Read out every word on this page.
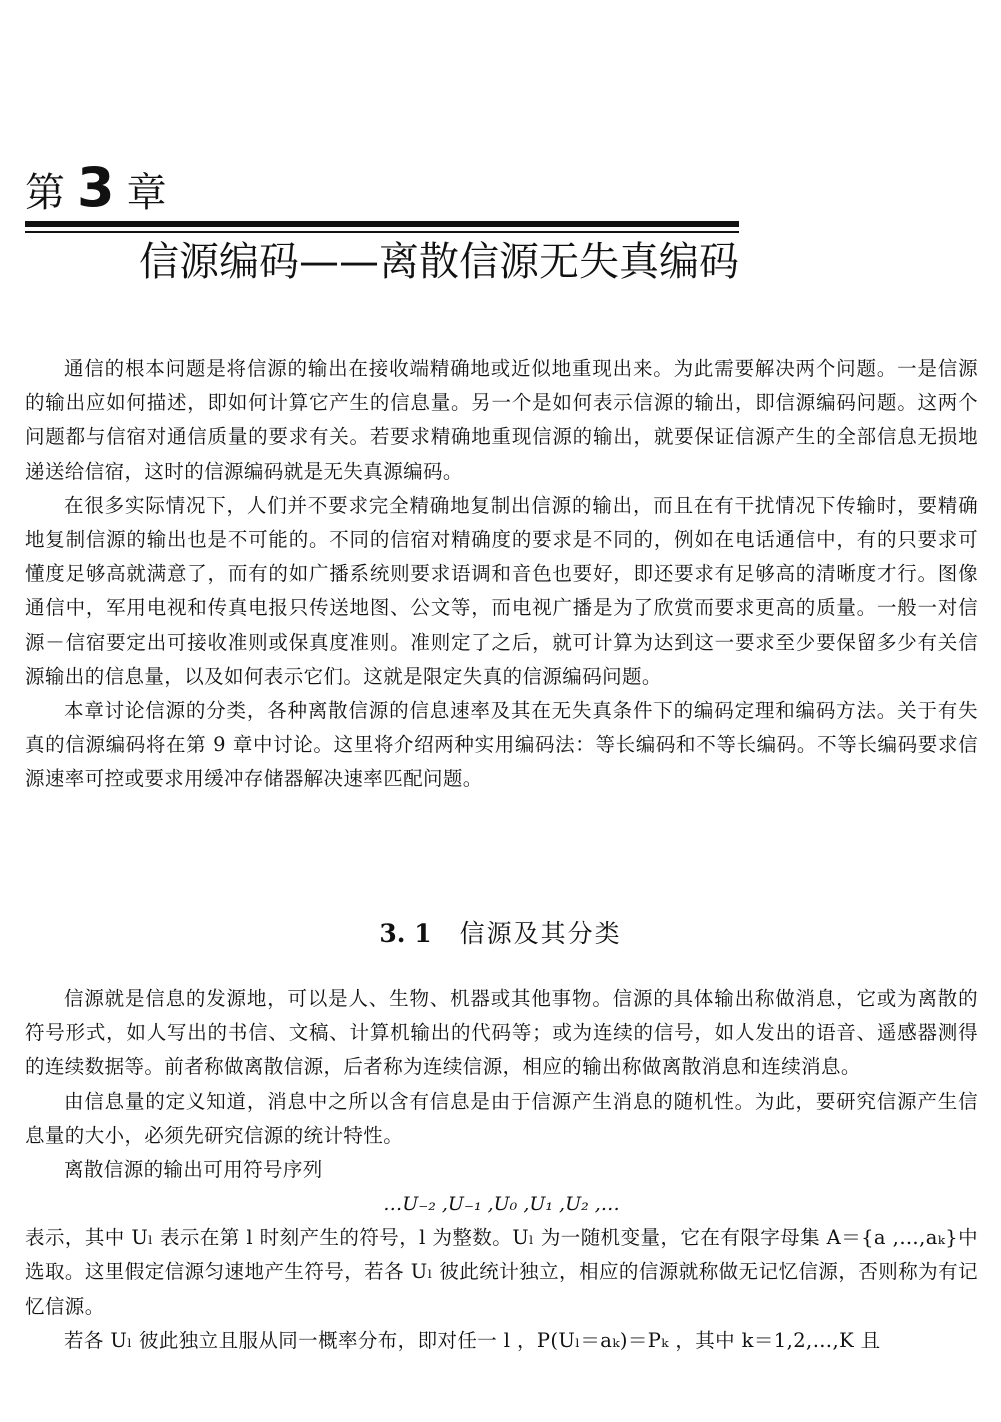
第 3 章
信源编码——离散信源无失真编码

通信的根本问题是将信源的输出在接收端精确地或近似地重现出来。为此需要解决两个问题。一是信源的输出应如何描述，即如何计算它产生的信息量。另一个是如何表示信源的输出，即信源编码问题。这两个问题都与信宿对通信质量的要求有关。若要求精确地重现信源的输出，就要保证信源产生的全部信息无损地递送给信宿，这时的信源编码就是无失真源编码。

在很多实际情况下，人们并不要求完全精确地复制出信源的输出，而且在有干扰情况下传输时，要精确地复制信源的输出也是不可能的。不同的信宿对精确度的要求是不同的，例如在电话通信中，有的只要求可懂度足够高就满意了，而有的如广播系统则要求语调和音色也要好，即还要求有足够高的清晰度才行。图像通信中，军用电视和传真电报只传送地图、公文等，而电视广播是为了欣赏而要求更高的质量。一般一对信源－信宿要定出可接收准则或保真度准则。准则定了之后，就可计算为达到这一要求至少要保留多少有关信源输出的信息量，以及如何表示它们。这就是限定失真的信源编码问题。

本章讨论信源的分类，各种离散信源的信息速率及其在无失真条件下的编码定理和编码方法。关于有失真的信源编码将在第 9 章中讨论。这里将介绍两种实用编码法：等长编码和不等长编码。不等长编码要求信源速率可控或要求用缓冲存储器解决速率匹配问题。

3. 1 信源及其分类

信源就是信息的发源地，可以是人、生物、机器或其他事物。信源的具体输出称做消息，它或为离散的符号形式，如人写出的书信、文稿、计算机输出的代码等；或为连续的信号，如人发出的语音、遥感器测得的连续数据等。前者称做离散信源，后者称为连续信源，相应的输出称做离散消息和连续消息。

由信息量的定义知道，消息中之所以含有信息是由于信源产生消息的随机性。为此，要研究信源产生信息量的大小，必须先研究信源的统计特性。

离散信源的输出可用符号序列

…U₋₂ ,U₋₁ ,U₀ ,U₁ ,U₂ ,…

表示，其中 Uₗ 表示在第 l 时刻产生的符号，l 为整数。Uₗ 为一随机变量，它在有限字母集 A＝{a ,…,aₖ}中选取。这里假定信源匀速地产生符号，若各 Uₗ 彼此统计独立，相应的信源就称做无记忆信源，否则称为有记忆信源。

若各 Uₗ 彼此独立且服从同一概率分布，即对任一 l ，P(Uₗ＝aₖ)＝Pₖ ，其中 k＝1,2,…,K 且
